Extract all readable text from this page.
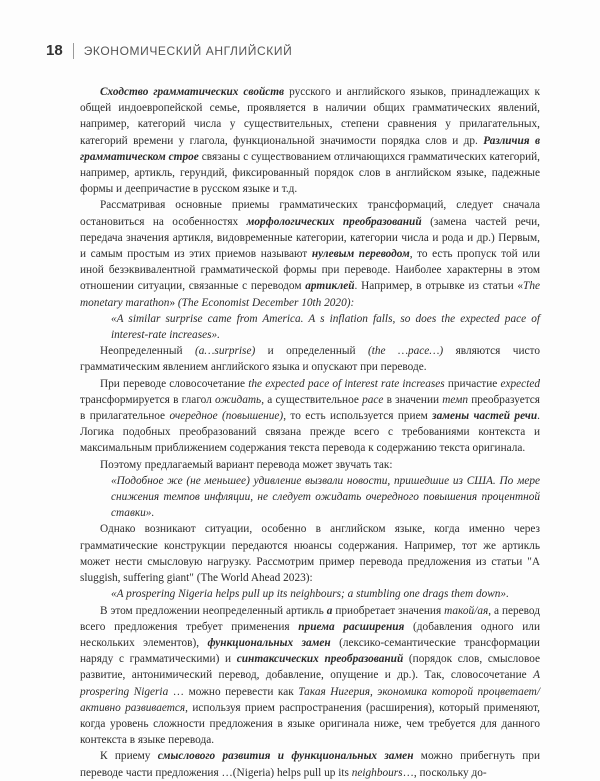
18 ЭКОНОМИЧЕСКИЙ АНГЛИЙСКИЙ

Сходство грамматических свойств русского и английского языков, принадлежащих к общей индоевропейской семье, проявляется в наличии общих грамматических явлений, например, категорий числа у существительных, степени сравнения у прилагательных, категорий времени у глагола, функциональной значимости порядка слов и др. Различия в грамматическом строе связаны с существованием отличающихся грамматических категорий, например, артикль, герундий, фиксированный порядок слов в английском языке, падежные формы и деепричастие в русском языке и т.д.

Рассматривая основные приемы грамматических трансформаций, следует сначала остановиться на особенностях морфологических преобразований (замена частей речи, передача значения артикля, видовременные категории, категории числа и рода и др.) Первым, и самым простым из этих приемов называют нулевым переводом, то есть пропуск той или иной безэквивалентной грамматической формы при переводе. Наиболее характерны в этом отношении ситуации, связанные с переводом артиклей. Например, в отрывке из статьи «The monetary marathon» (The Economist December 10th 2020):

«A similar surprise came from America. A s inflation falls, so does the expected pace of interest-rate increases».

Неопределенный (a…surprise) и определенный (the …pace…) являются чисто грамматическим явлением английского языка и опускают при переводе.

При переводе словосочетание the expected pace of interest rate increases причастие expected трансформируется в глагол ожидать, а существительное pace в значении темп преобразуется в прилагательное очередное (повышение), то есть используется прием замены частей речи. Логика подобных преобразований связана прежде всего с требованиями контекста и максимальным приближением содержания текста перевода к содержанию текста оригинала.

Поэтому предлагаемый вариант перевода может звучать так:

«Подобное же (не меньшее) удивление вызвали новости, пришедшие из США. По мере снижения темпов инфляции, не следует ожидать очередного повышения процентной ставки».

Однако возникают ситуации, особенно в английском языке, когда именно через грамматические конструкции передаются нюансы содержания. Например, тот же артикль может нести смысловую нагрузку. Рассмотрим пример перевода предложения из статьи "A sluggish, suffering giant" (The World Ahead 2023):

«A prospering Nigeria helps pull up its neighbours; a stumbling one drags them down».

В этом предложении неопределенный артикль a приобретает значения такой/ая, а перевод всего предложения требует применения приема расширения (добавления одного или нескольких элементов), функциональных замен (лексико-семантические трансформации наряду с грамматическими) и синтаксических преобразований (порядок слов, смысловое развитие, антонимический перевод, добавление, опущение и др.). Так, словосочетание A prospering Nigeria … можно перевести как Такая Нигерия, экономика которой процветает/активно развивается, используя прием распространения (расширения), который применяют, когда уровень сложности предложения в языке оригинала ниже, чем требуется для данного контекста в языке перевода.

К приему смыслового развития и функциональных замен можно прибегнуть при переводе части предложения …(Nigeria) helps pull up its neighbours…, поскольку до-
